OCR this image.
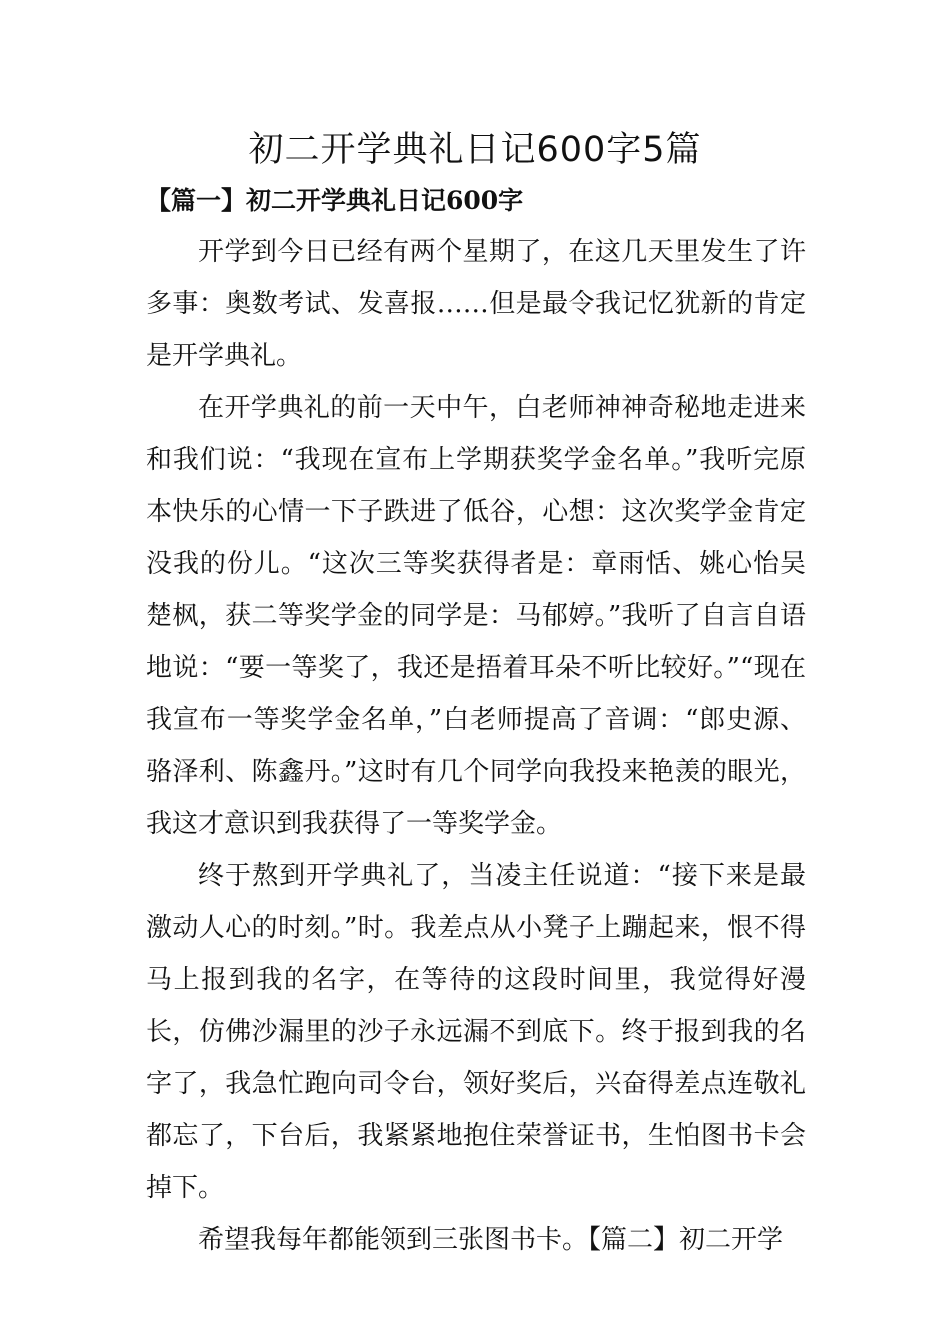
初二开学典礼日记600字5篇
【篇一】初二开学典礼日记600字

开学到今日已经有两个星期了，在这几天里发生了许多事：奥数考试、发喜报……但是最令我记忆犹新的肯定是开学典礼。

在开学典礼的前一天中午，白老师神神奇秘地走进来和我们说：“我现在宣布上学期获奖学金名单。”我听完原本快乐的心情一下子跌进了低谷，心想：这次奖学金肯定没我的份儿。“这次三等奖获得者是：章雨恬、姚心怡吴楚枫，获二等奖学金的同学是：马郁婷。”我听了自言自语地说：“要一等奖了，我还是捂着耳朵不听比较好。”“现在我宣布一等奖学金名单，”白老师提高了音调：“郎史源、骆泽利、陈鑫丹。”这时有几个同学向我投来艳羡的眼光，我这才意识到我获得了一等奖学金。

终于熬到开学典礼了，当凌主任说道：“接下来是最激动人心的时刻。”时。我差点从小凳子上蹦起来，恨不得马上报到我的名字，在等待的这段时间里，我觉得好漫长，仿佛沙漏里的沙子永远漏不到底下。终于报到我的名字了，我急忙跑向司令台，领好奖后，兴奋得差点连敬礼都忘了，下台后，我紧紧地抱住荣誉证书，生怕图书卡会掉下。

希望我每年都能领到三张图书卡。【篇二】初二开学
